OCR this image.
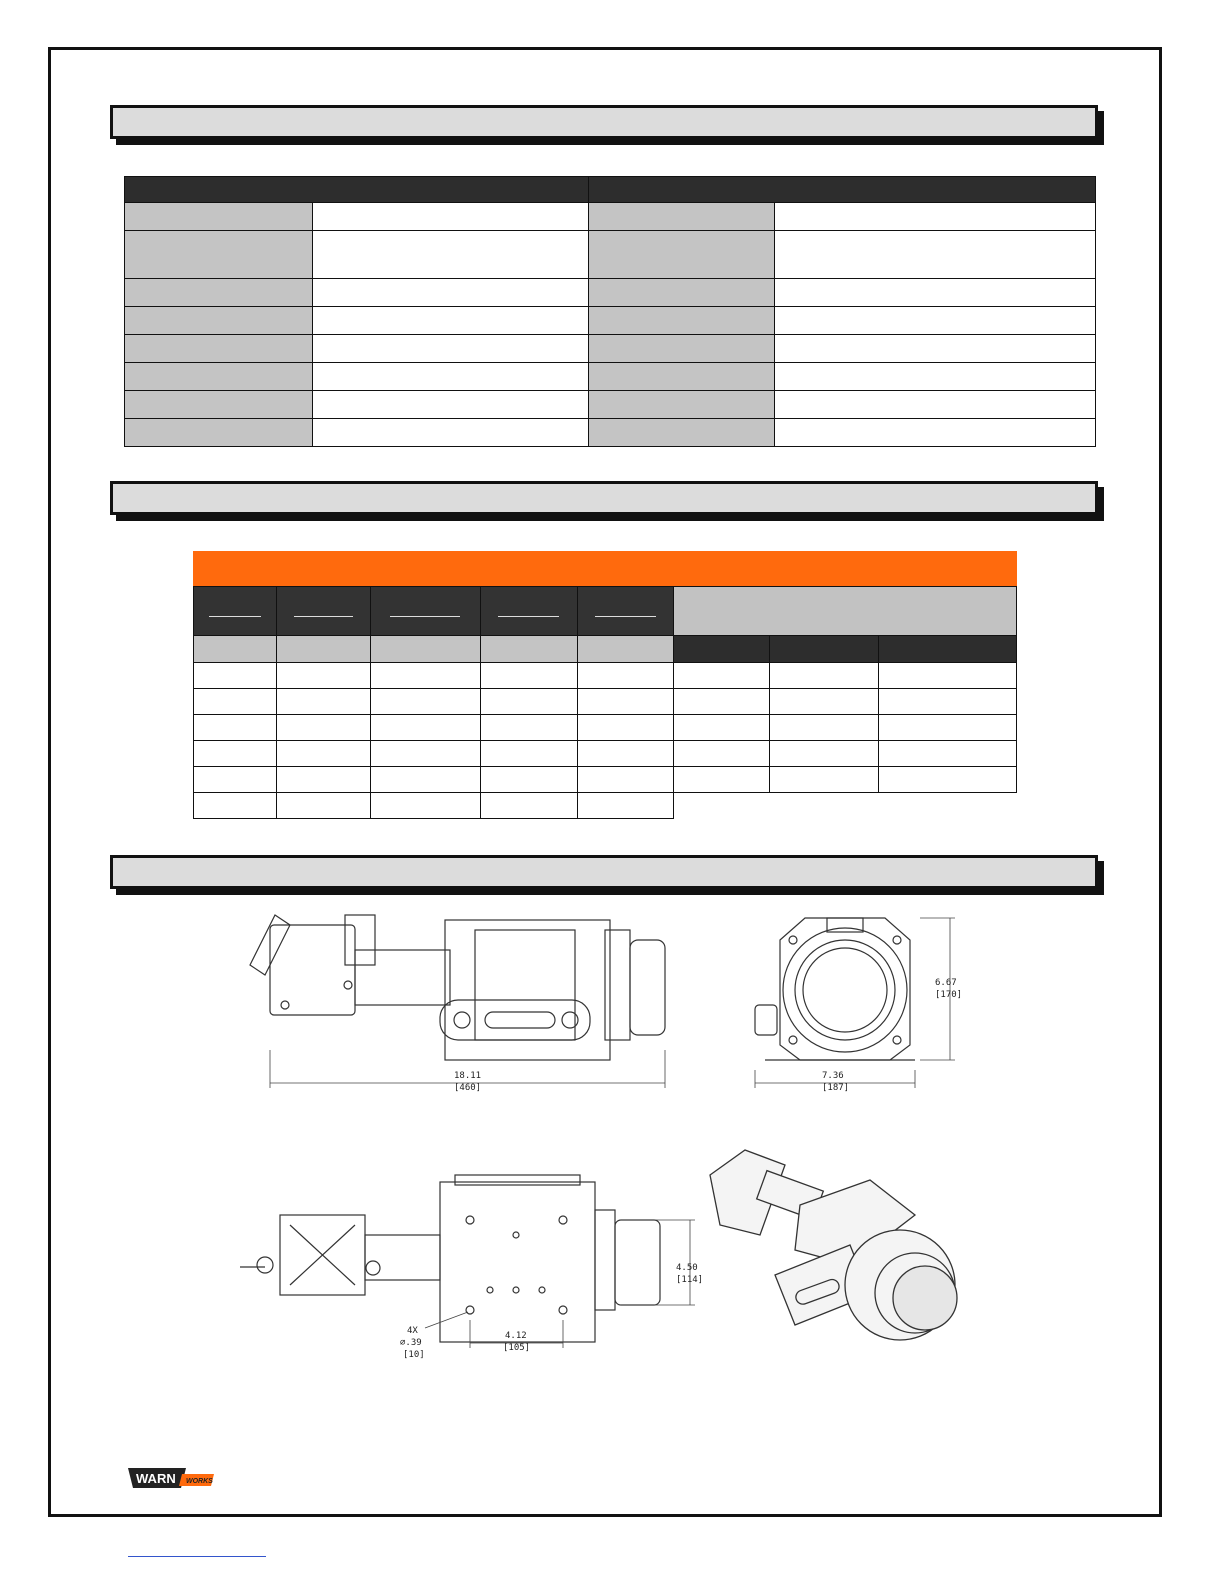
18.11
[460]
6.67
[170]
7.36
[187]
4.50
[114]
4X
⌀.39
[10]
4.12
[105]
WARN WORKS
